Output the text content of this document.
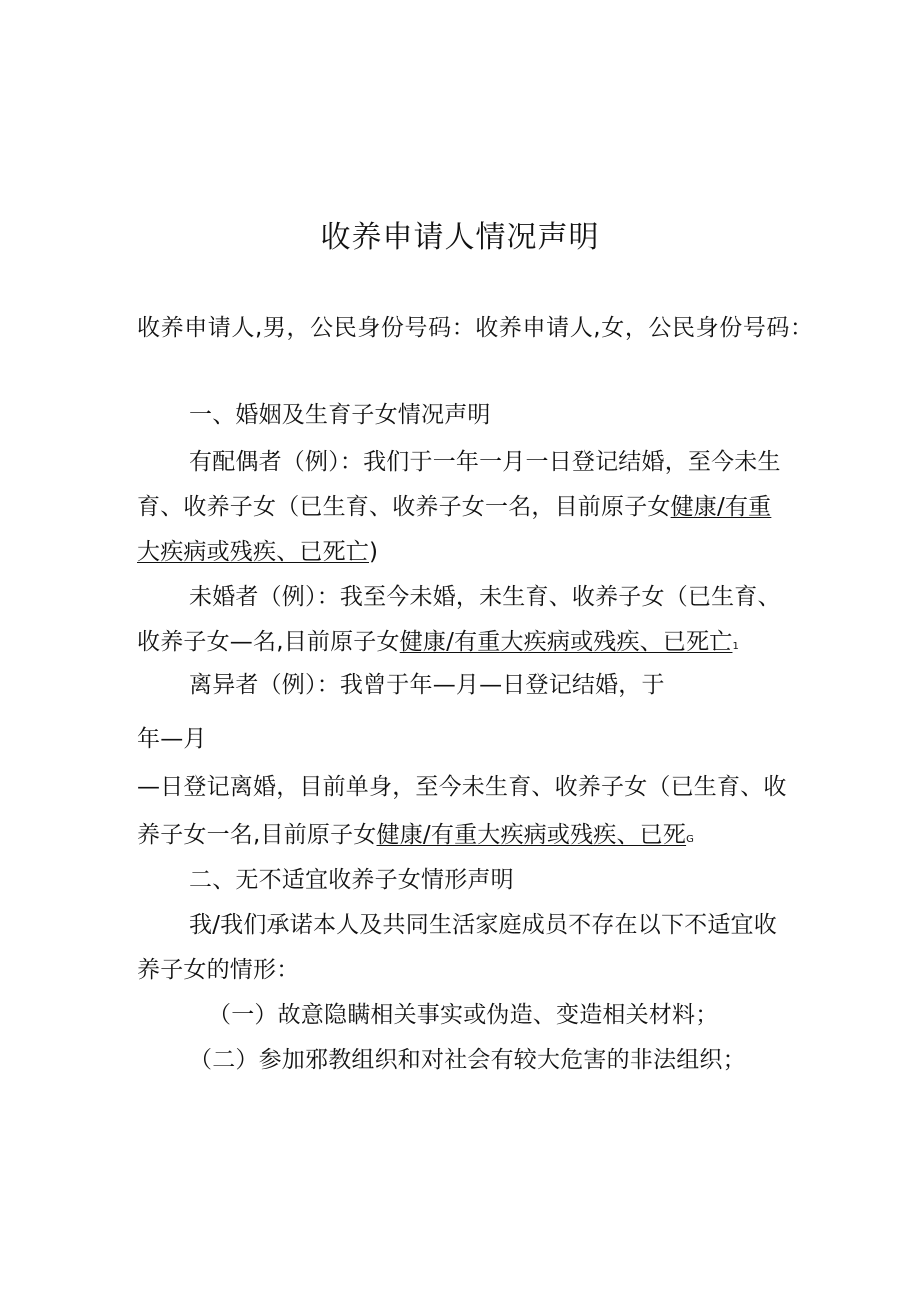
收养申请人情况声明
收养申请人,男，公民身份号码：收养申请人,女，公民身份号码：
一、婚姻及生育子女情况声明
有配偶者（例）：我们于一年一月一日登记结婚，至今未生
育、收养子女（已生育、收养子女一名，目前原子女健康/有重
大疾病或残疾、已死亡)
未婚者（例）：我至今未婚，未生育、收养子女（已生育、
收养子女—名,目前原子女健康/有重大疾病或残疾、已死亡1
离异者（例）：我曾于年—月—日登记结婚，于
年—月
—日登记离婚，目前单身，至今未生育、收养子女（已生育、收
养子女一名,目前原子女健康/有重大疾病或残疾、已死G
二、无不适宜收养子女情形声明
我/我们承诺本人及共同生活家庭成员不存在以下不适宜收
养子女的情形：
（一）故意隐瞒相关事实或伪造、变造相关材料；
（二）参加邪教组织和对社会有较大危害的非法组织；
